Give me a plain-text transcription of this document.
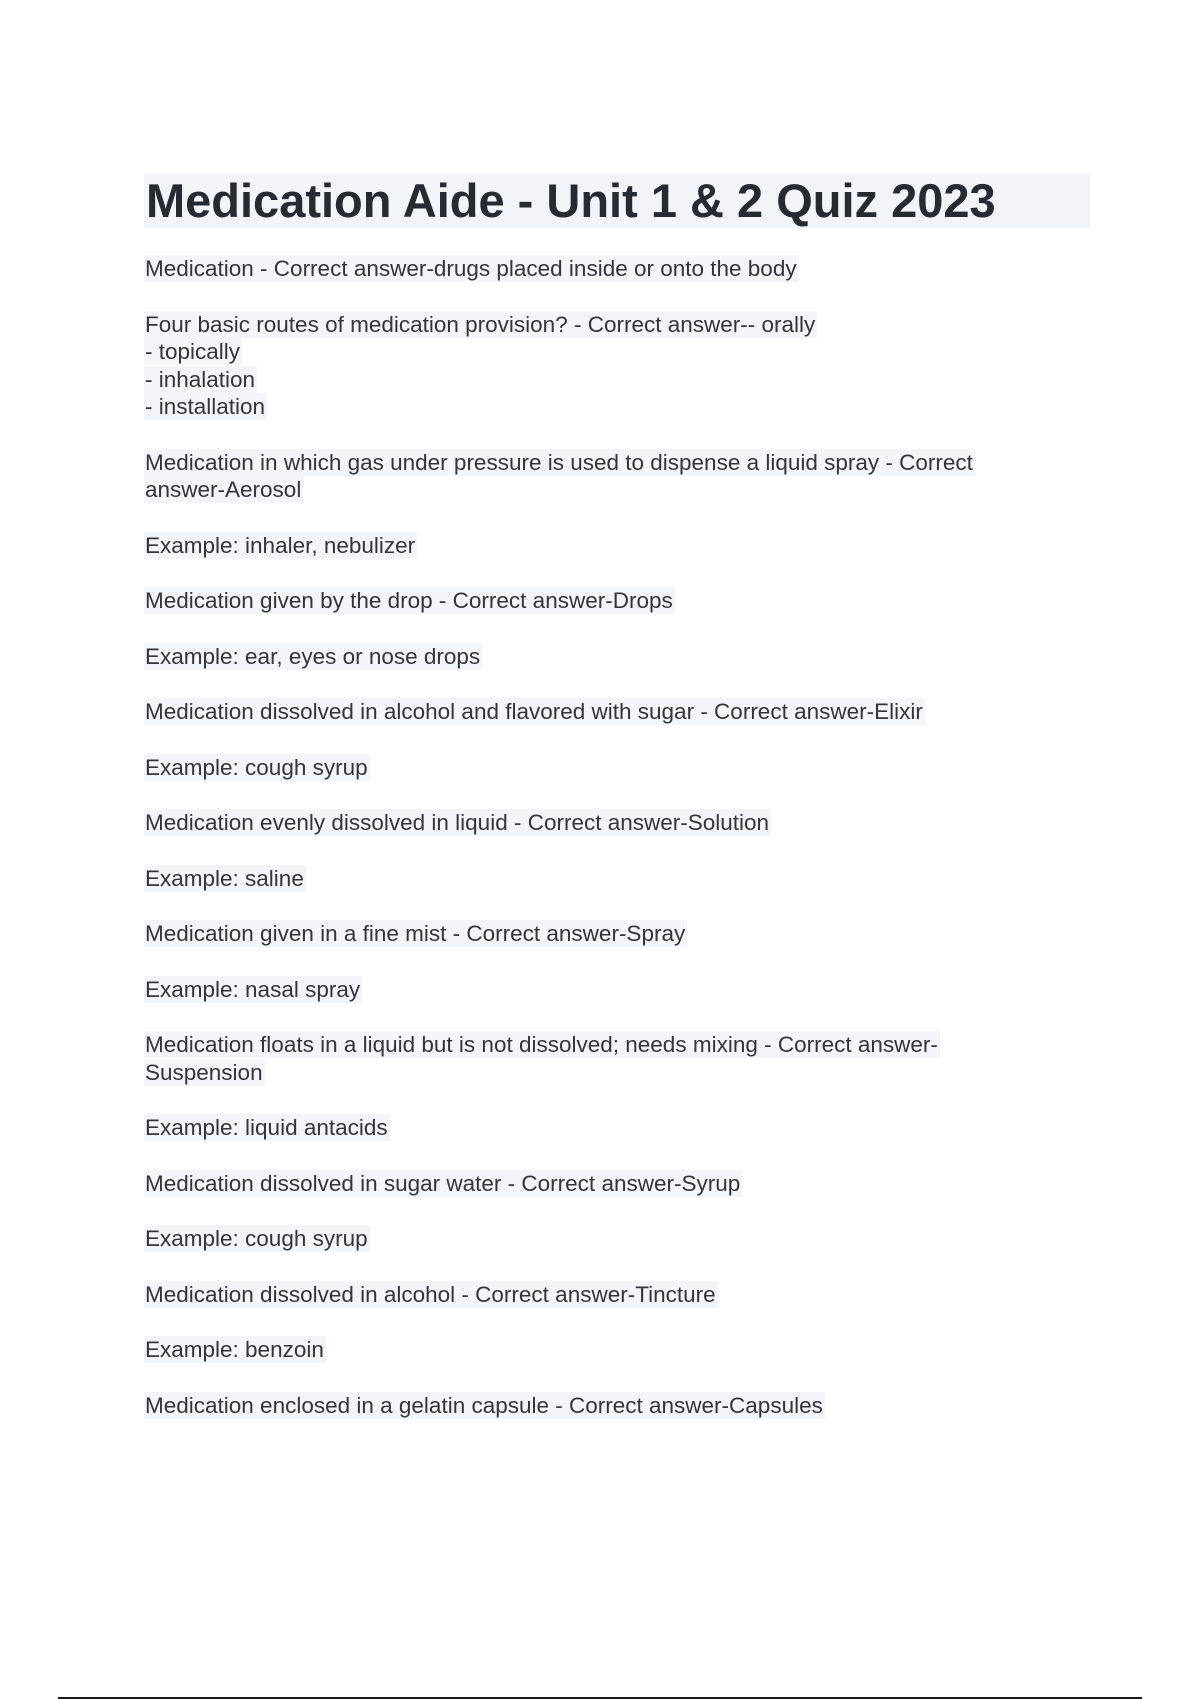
Medication Aide - Unit 1 & 2 Quiz 2023
Medication - Correct answer-drugs placed inside or onto the body
Four basic routes of medication provision? - Correct answer-- orally
- topically
- inhalation
- installation
Medication in which gas under pressure is used to dispense a liquid spray - Correct
answer-Aerosol
Example: inhaler, nebulizer
Medication given by the drop - Correct answer-Drops
Example: ear, eyes or nose drops
Medication dissolved in alcohol and flavored with sugar - Correct answer-Elixir
Example: cough syrup
Medication evenly dissolved in liquid - Correct answer-Solution
Example: saline
Medication given in a fine mist - Correct answer-Spray
Example: nasal spray
Medication floats in a liquid but is not dissolved; needs mixing - Correct answer-
Suspension
Example: liquid antacids
Medication dissolved in sugar water - Correct answer-Syrup
Example: cough syrup
Medication dissolved in alcohol - Correct answer-Tincture
Example: benzoin
Medication enclosed in a gelatin capsule - Correct answer-Capsules
